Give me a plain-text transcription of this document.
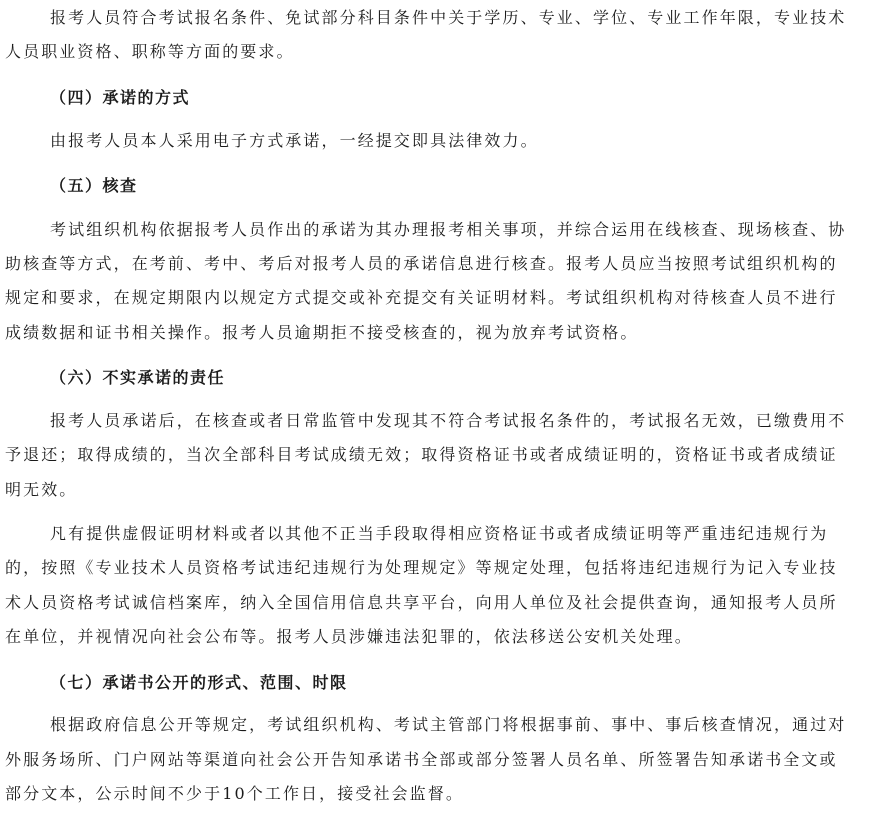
报考人员符合考试报名条件、免试部分科目条件中关于学历、专业、学位、专业工作年限，专业技术
人员职业资格、职称等方面的要求。
（四）承诺的方式
由报考人员本人采用电子方式承诺，一经提交即具法律效力。
（五）核查
考试组织机构依据报考人员作出的承诺为其办理报考相关事项，并综合运用在线核查、现场核查、协
助核查等方式，在考前、考中、考后对报考人员的承诺信息进行核查。报考人员应当按照考试组织机构的
规定和要求，在规定期限内以规定方式提交或补充提交有关证明材料。考试组织机构对待核查人员不进行
成绩数据和证书相关操作。报考人员逾期拒不接受核查的，视为放弃考试资格。
（六）不实承诺的责任
报考人员承诺后，在核查或者日常监管中发现其不符合考试报名条件的，考试报名无效，已缴费用不
予退还；取得成绩的，当次全部科目考试成绩无效；取得资格证书或者成绩证明的，资格证书或者成绩证
明无效。
凡有提供虚假证明材料或者以其他不正当手段取得相应资格证书或者成绩证明等严重违纪违规行为
的，按照《专业技术人员资格考试违纪违规行为处理规定》等规定处理，包括将违纪违规行为记入专业技
术人员资格考试诚信档案库，纳入全国信用信息共享平台，向用人单位及社会提供查询，通知报考人员所
在单位，并视情况向社会公布等。报考人员涉嫌违法犯罪的，依法移送公安机关处理。
（七）承诺书公开的形式、范围、时限
根据政府信息公开等规定，考试组织机构、考试主管部门将根据事前、事中、事后核查情况，通过对
外服务场所、门户网站等渠道向社会公开告知承诺书全部或部分签署人员名单、所签署告知承诺书全文或
部分文本，公示时间不少于10个工作日，接受社会监督。
